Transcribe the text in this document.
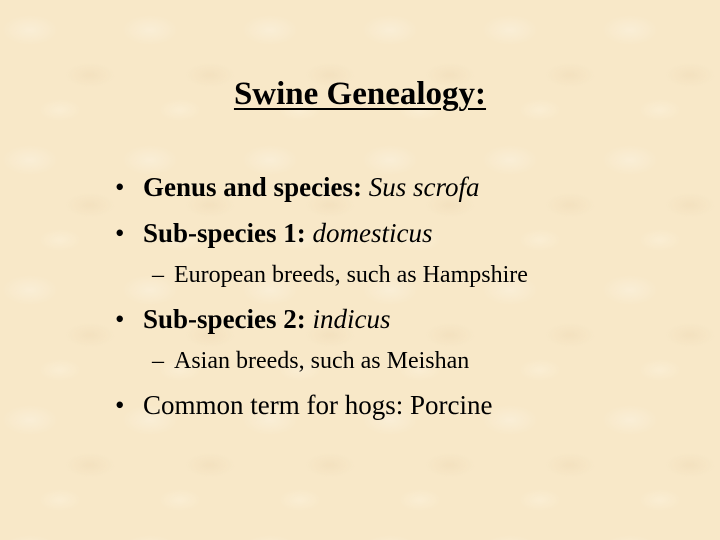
Swine Genealogy:
• Genus and species: Sus scrofa
• Sub-species 1: domesticus
– European breeds, such as Hampshire
• Sub-species 2: indicus
– Asian breeds, such as Meishan
• Common term for hogs: Porcine
